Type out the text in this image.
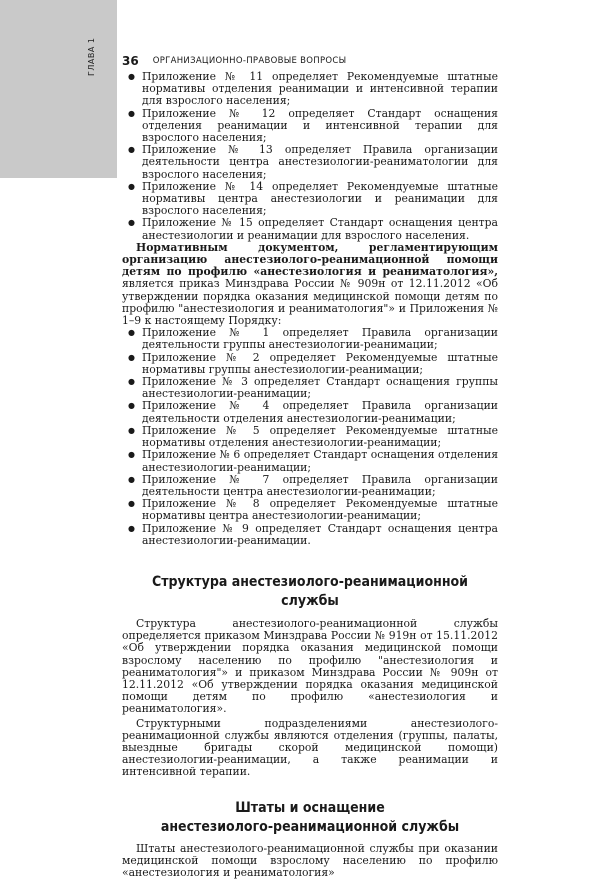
ГЛАВА 1 36 ОРГАНИЗАЦИОННО-ПРАВОВЫЕ ВОПРОСЫ
● Приложение № 11 определяет Рекомендуемые штатные нормативы отделения реанимации и интенсивной терапии для взрослого населения;
● Приложение № 12 определяет Стандарт оснащения отделения реанимации и интенсивной терапии для взрослого населения;
● Приложение № 13 определяет Правила организации деятельности центра анестезиологии-реаниматологии для взрослого населения;
● Приложение № 14 определяет Рекомендуемые штатные нормативы центра анестезиологии и реанимации для взрослого населения;
● Приложение № 15 определяет Стандарт оснащения центра анестезиологии и реанимации для взрослого населения.

Нормативным документом, регламентирующим организацию анестезиолого-реанимационной помощи детям по профилю «анестезиология и реаниматология», является приказ Минздрава России № 909н от 12.11.2012 «Об утверждении порядка оказания медицинской помощи детям по профилю "анестезиология и реаниматология"» и Приложения № 1–9 к настоящему Порядку:

● Приложение № 1 определяет Правила организации деятельности группы анестезиологии-реанимации;
● Приложение № 2 определяет Рекомендуемые штатные нормативы группы анестезиологии-реанимации;
● Приложение № 3 определяет Стандарт оснащения группы анестезиологии-реанимации;
● Приложение № 4 определяет Правила организации деятельности отделения анестезиологии-реанимации;
● Приложение № 5 определяет Рекомендуемые штатные нормативы отделения анестезиологии-реанимации;
● Приложение № 6 определяет Стандарт оснащения отделения анестезиологии-реанимации;
● Приложение № 7 определяет Правила организации деятельности центра анестезиологии-реанимации;
● Приложение № 8 определяет Рекомендуемые штатные нормативы центра анестезиологии-реанимации;
● Приложение № 9 определяет Стандарт оснащения центра анестезиологии-реанимации.
Структура анестезиолого-реанимационной службы

Структура анестезиолого-реанимационной службы определяется приказом Минздрава России № 919н от 15.11.2012 «Об утверждении порядка оказания медицинской помощи взрослому населению по профилю "анестезиология и реаниматология"» и приказом Минздрава России № 909н от 12.11.2012 «Об утверждении порядка оказания медицинской помощи детям по профилю «анестезиология и реаниматология».

Структурными подразделениями анестезиолого-реанимационной службы являются отделения (группы, палаты, выездные бригады скорой медицинской помощи) анестезиологии-реанимации, а также реанимации и интенсивной терапии.

Штаты и оснащение
анестезиолого-реанимационной службы

Штаты анестезиолого-реанимационной службы при оказании медицинской помощи взрослому населению по профилю «анестезиология и реаниматология»
